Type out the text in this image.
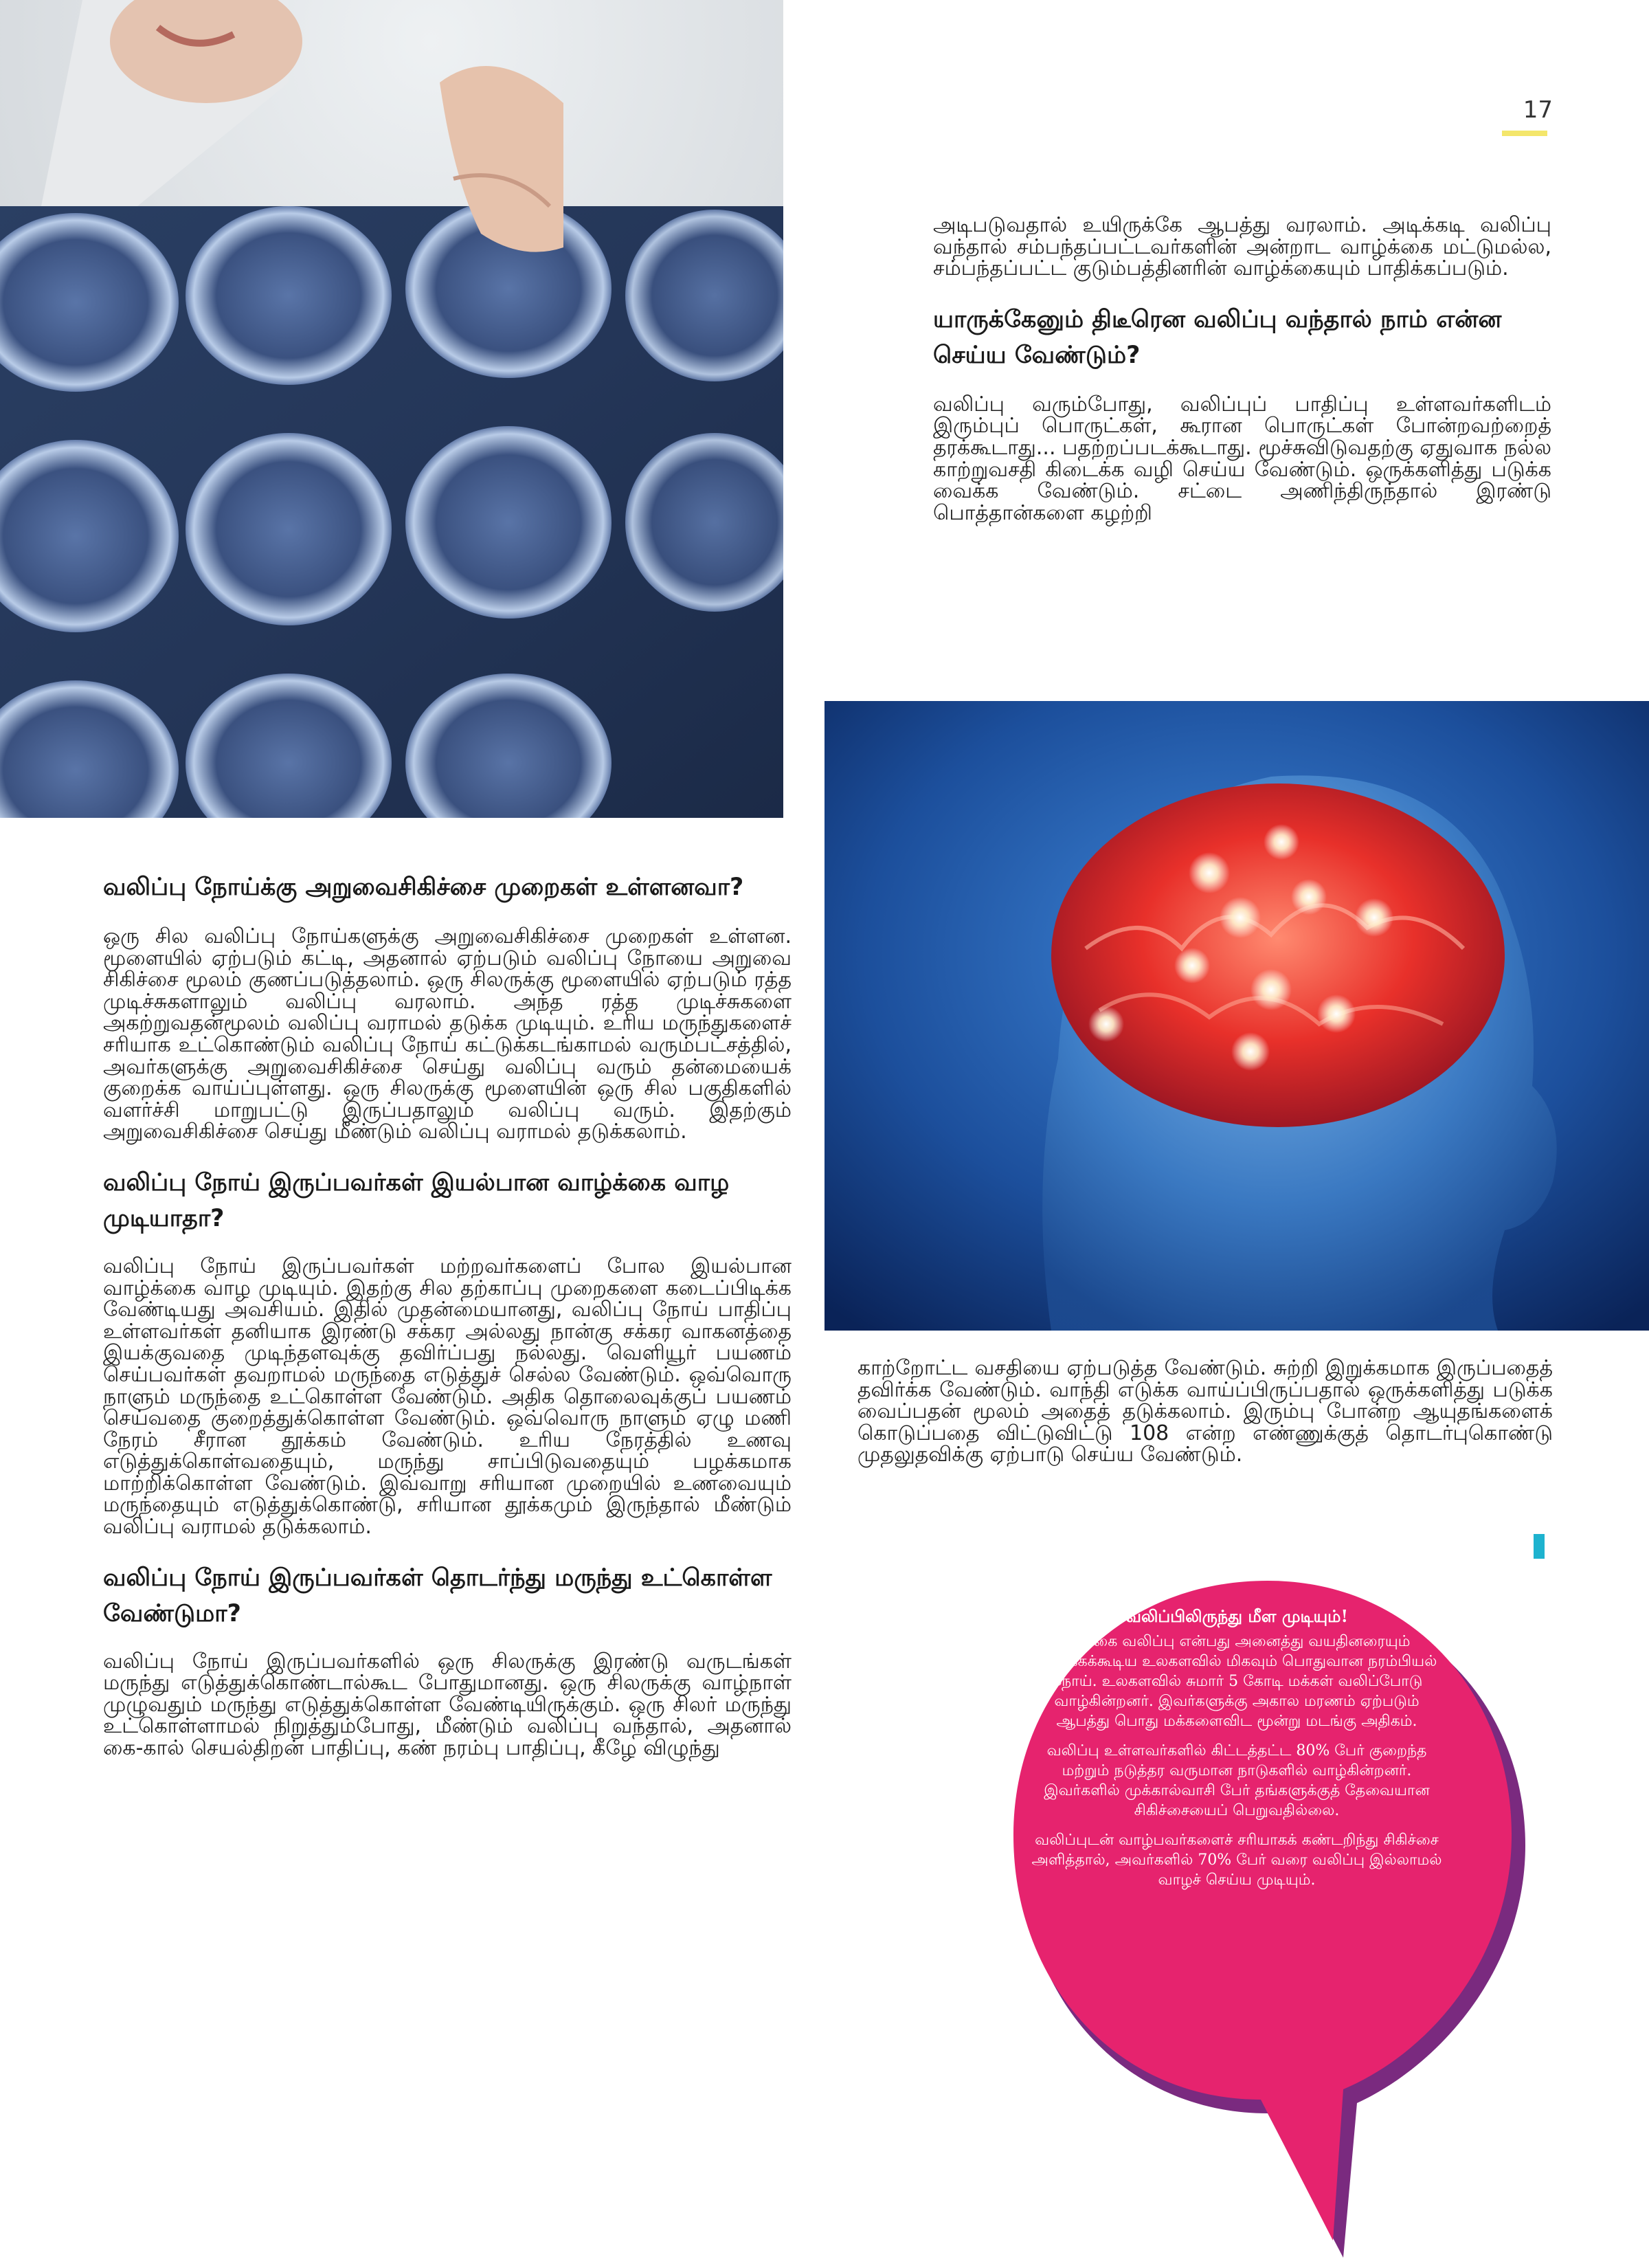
17

அடிபடுவதால் உயிருக்கே ஆபத்து வரலாம். அடிக்கடி வலிப்பு வந்தால் சம்பந்தப்பட்டவர்களின் அன்றாட வாழ்க்கை மட்டுமல்ல, சம்பந்தப்பட்ட குடும்பத்தினரின் வாழ்க்கையும் பாதிக்கப்படும்.

யாருக்கேனும் திடீரென வலிப்பு வந்தால் நாம் என்ன செய்ய வேண்டும்?

வலிப்பு வரும்போது, வலிப்புப் பாதிப்பு உள்ளவர்களிடம் இரும்புப் பொருட்கள், கூரான பொருட்கள் போன்றவற்றைத் தரக்கூடாது... பதற்றப்படக்கூடாது. மூச்சுவிடுவதற்கு ஏதுவாக நல்ல காற்றுவசதி கிடைக்க வழி செய்ய வேண்டும். ஒருக்களித்து படுக்க வைக்க வேண்டும். சட்டை அணிந்திருந்தால் இரண்டு பொத்தான்களை கழற்றி

வலிப்பு நோய்க்கு அறுவைசிகிச்சை முறைகள் உள்ளனவா?

ஒரு சில வலிப்பு நோய்களுக்கு அறுவைசிகிச்சை முறைகள் உள்ளன. மூளையில் ஏற்படும் கட்டி, அதனால் ஏற்படும் வலிப்பு நோயை அறுவை சிகிச்சை மூலம் குணப்படுத்தலாம். ஒரு சிலருக்கு மூளையில் ஏற்படும் ரத்த முடிச்சுகளாலும் வலிப்பு வரலாம். அந்த ரத்த முடிச்சுகளை அகற்றுவதன்மூலம் வலிப்பு வராமல் தடுக்க முடியும். உரிய மருந்துகளைச் சரியாக உட்கொண்டும் வலிப்பு நோய் கட்டுக்கடங்காமல் வரும்பட்சத்தில், அவர்களுக்கு அறுவைசிகிச்சை செய்து வலிப்பு வரும் தன்மையைக் குறைக்க வாய்ப்புள்ளது. ஒரு சிலருக்கு மூளையின் ஒரு சில பகுதிகளில் வளர்ச்சி மாறுபட்டு இருப்பதாலும் வலிப்பு வரும். இதற்கும் அறுவைசிகிச்சை செய்து மீண்டும் வலிப்பு வராமல் தடுக்கலாம்.

வலிப்பு நோய் இருப்பவர்கள் இயல்பான வாழ்க்கை வாழ முடியாதா?

வலிப்பு நோய் இருப்பவர்கள் மற்றவர்களைப் போல இயல்பான வாழ்க்கை வாழ முடியும். இதற்கு சில தற்காப்பு முறைகளை கடைப்பிடிக்க வேண்டியது அவசியம். இதில் முதன்மையானது, வலிப்பு நோய் பாதிப்பு உள்ளவர்கள் தனியாக இரண்டு சக்கர அல்லது நான்கு சக்கர வாகனத்தை இயக்குவதை முடிந்தளவுக்கு தவிர்ப்பது நல்லது. வெளியூர் பயணம் செய்பவர்கள் தவறாமல் மருந்தை எடுத்துச் செல்ல வேண்டும். ஒவ்வொரு நாளும் மருந்தை உட்கொள்ள வேண்டும். அதிக தொலைவுக்குப் பயணம் செய்வதை குறைத்துக்கொள்ள வேண்டும். ஒவ்வொரு நாளும் ஏழு மணி நேரம் சீரான தூக்கம் வேண்டும். உரிய நேரத்தில் உணவு எடுத்துக்கொள்வதையும், மருந்து சாப்பிடுவதையும் பழக்கமாக மாற்றிக்கொள்ள வேண்டும். இவ்வாறு சரியான முறையில் உணவையும் மருந்தையும் எடுத்துக்கொண்டு, சரியான தூக்கமும் இருந்தால் மீண்டும் வலிப்பு வராமல் தடுக்கலாம்.

வலிப்பு நோய் இருப்பவர்கள் தொடர்ந்து மருந்து உட்கொள்ள வேண்டுமா?

வலிப்பு நோய் இருப்பவர்களில் ஒரு சிலருக்கு இரண்டு வருடங்கள் மருந்து எடுத்துக்கொண்டால்கூட போதுமானது. ஒரு சிலருக்கு வாழ்நாள் முழுவதும் மருந்து எடுத்துக்கொள்ள வேண்டியிருக்கும். ஒரு சிலர் மருந்து உட்கொள்ளாமல் நிறுத்தும்போது, மீண்டும் வலிப்பு வந்தால், அதனால் கை-கால் செயல்திறன் பாதிப்பு, கண் நரம்பு பாதிப்பு, கீழே விழுந்து

காற்றோட்ட வசதியை ஏற்படுத்த வேண்டும். சுற்றி இறுக்கமாக இருப்பதைத் தவிர்க்க வேண்டும். வாந்தி எடுக்க வாய்ப்பிருப்பதால் ஒருக்களித்து படுக்க வைப்பதன் மூலம் அதைத் தடுக்கலாம். இரும்பு போன்ற ஆயுதங்களைக் கொடுப்பதை விட்டுவிட்டு 108 என்ற எண்ணுக்குத் தொடர்புகொண்டு முதலுதவிக்கு ஏற்பாடு செய்ய வேண்டும்.

வலிப்பிலிருந்து மீள முடியும்!
கால்கை வலிப்பு என்பது அனைத்து வயதினரையும் பாதிக்கக்கூடிய உலகளவில் மிகவும் பொதுவான நரம்பியல் நோய். உலகளவில் சுமார் 5 கோடி மக்கள் வலிப்போடு வாழ்கின்றனர். இவர்களுக்கு அகால மரணம் ஏற்படும் ஆபத்து பொது மக்களைவிட மூன்று மடங்கு அதிகம்.
வலிப்பு உள்ளவர்களில் கிட்டத்தட்ட 80% பேர் குறைந்த மற்றும் நடுத்தர வருமான நாடுகளில் வாழ்கின்றனர். இவர்களில் முக்கால்வாசி பேர் தங்களுக்குத் தேவையான சிகிச்சையைப் பெறுவதில்லை.
வலிப்புடன் வாழ்பவர்களைச் சரியாகக் கண்டறிந்து சிகிச்சை அளித்தால், அவர்களில் 70% பேர் வரை வலிப்பு இல்லாமல் வாழச் செய்ய முடியும்.
